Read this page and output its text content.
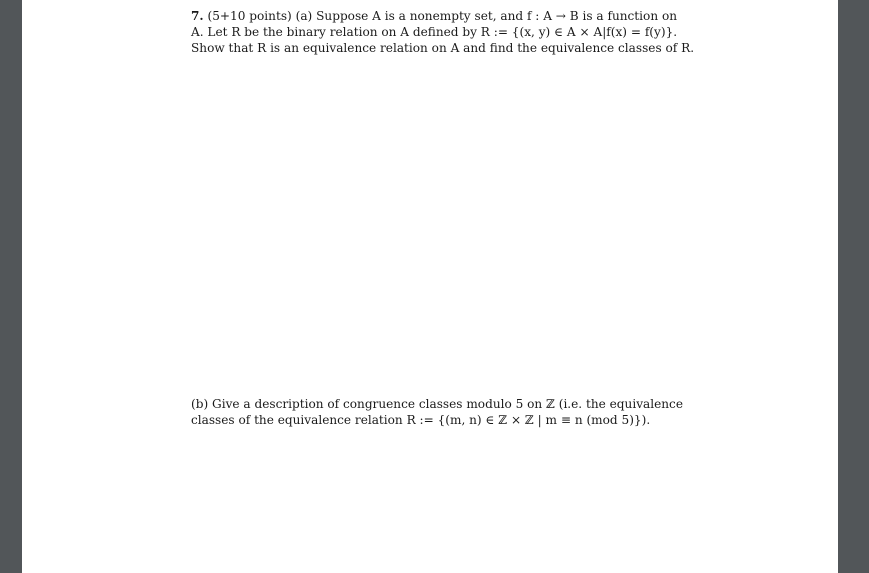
7. (5+10 points) (a) Suppose A is a nonempty set, and f : A → B is a function on
A. Let R be the binary relation on A defined by R := {(x, y) ∈ A × A|f(x) = f(y)}.
Show that R is an equivalence relation on A and find the equivalence classes of R.
(b) Give a description of congruence classes modulo 5 on ℤ (i.e. the equivalence
classes of the equivalence relation R := {(m, n) ∈ ℤ × ℤ | m ≡ n (mod 5)}).
